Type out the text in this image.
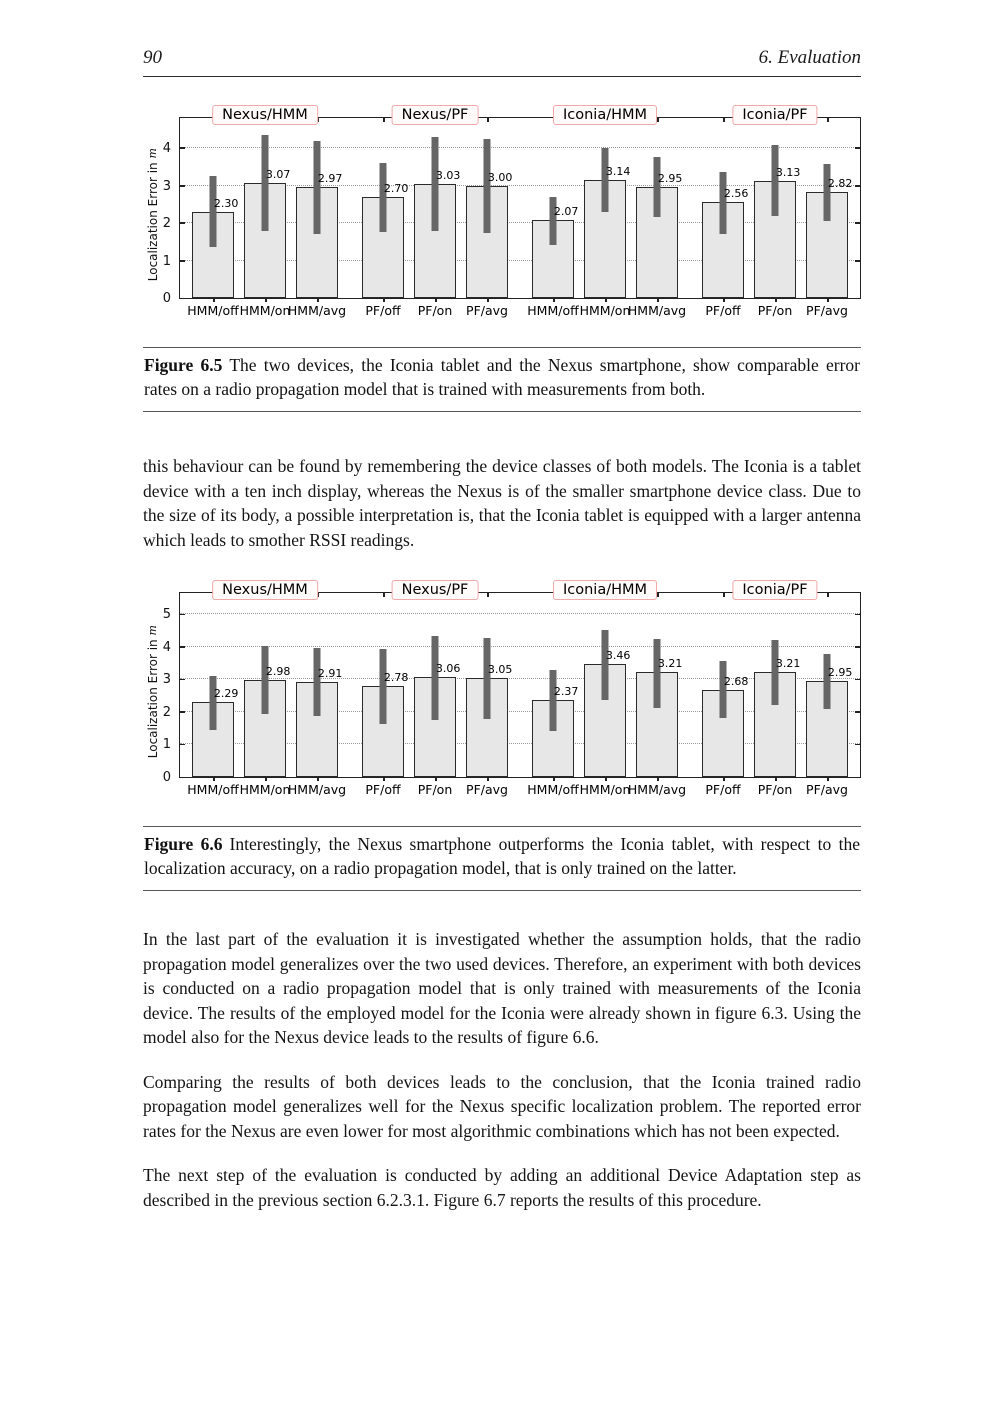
90	6. Evaluation
Localization Error in m
0
1
2
3
4
Nexus/HMM
2.30
HMM/off
3.07
HMM/on
2.97
HMM/avg
Nexus/PF
2.70
PF/off
3.03
PF/on
3.00
PF/avg
Iconia/HMM
2.07
HMM/off
3.14
HMM/on
2.95
HMM/avg
Iconia/PF
2.56
PF/off
3.13
PF/on
2.82
PF/avg
Figure 6.5 The two devices, the Iconia tablet and the Nexus smartphone, show comparable error rates on a radio propagation model that is trained with measurements from both.

this behaviour can be found by remembering the device classes of both models. The Iconia is a tablet device with a ten inch display, whereas the Nexus is of the smaller smartphone device class. Due to the size of its body, a possible interpretation is, that the Iconia tablet is equipped with a larger antenna which leads to smother RSSI readings.

Localization Error in m
0
1
2
3
4
5
Nexus/HMM
2.29
HMM/off
2.98
HMM/on
2.91
HMM/avg
Nexus/PF
2.78
PF/off
3.06
PF/on
3.05
PF/avg
Iconia/HMM
2.37
HMM/off
3.46
HMM/on
3.21
HMM/avg
Iconia/PF
2.68
PF/off
3.21
PF/on
2.95
PF/avg
Figure 6.6 Interestingly, the Nexus smartphone outperforms the Iconia tablet, with respect to the localization accuracy, on a radio propagation model, that is only trained on the latter.

In the last part of the evaluation it is investigated whether the assumption holds, that the radio propagation model generalizes over the two used devices. Therefore, an experiment with both devices is conducted on a radio propagation model that is only trained with measurements of the Iconia device. The results of the employed model for the Iconia were already shown in figure 6.3. Using the model also for the Nexus device leads to the results of figure 6.6.

Comparing the results of both devices leads to the conclusion, that the Iconia trained radio propagation model generalizes well for the Nexus specific localization problem. The reported error rates for the Nexus are even lower for most algorithmic combinations which has not been expected.

The next step of the evaluation is conducted by adding an additional Device Adaptation step as described in the previous section 6.2.3.1. Figure 6.7 reports the results of this procedure.
